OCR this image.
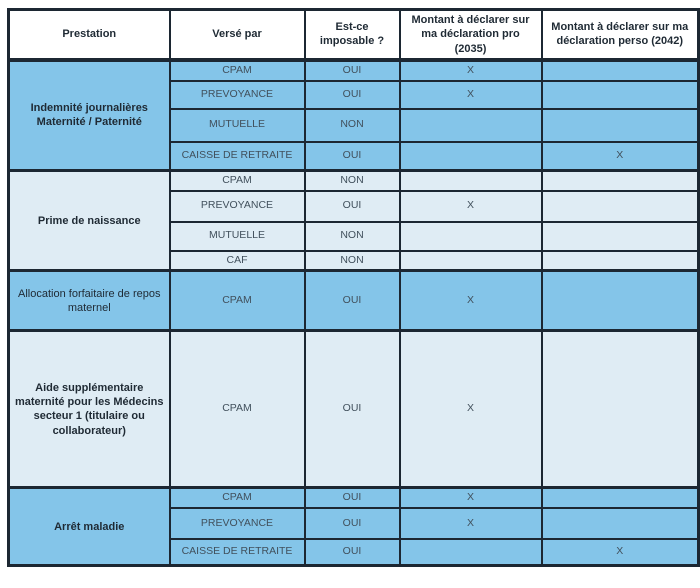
Prestation	Versé par	Est-ce imposable ?	Montant à déclarer sur ma déclaration pro (2035)	Montant à déclarer sur ma déclaration perso (2042)
Indemnité journalières Maternité / Paternité	CPAM	OUI	X	
	PREVOYANCE	OUI	X	
	MUTUELLE	NON		
	CAISSE DE RETRAITE	OUI		X
Prime de naissance	CPAM	NON		
	PREVOYANCE	OUI	X	
	MUTUELLE	NON		
	CAF	NON		
Allocation forfaitaire de repos maternel	CPAM	OUI	X	
Aide supplémentaire maternité pour les Médecins secteur 1 (titulaire ou collaborateur)	CPAM	OUI	X	
Arrêt maladie	CPAM	OUI	X	
	PREVOYANCE	OUI	X	
	CAISSE DE RETRAITE	OUI		X
